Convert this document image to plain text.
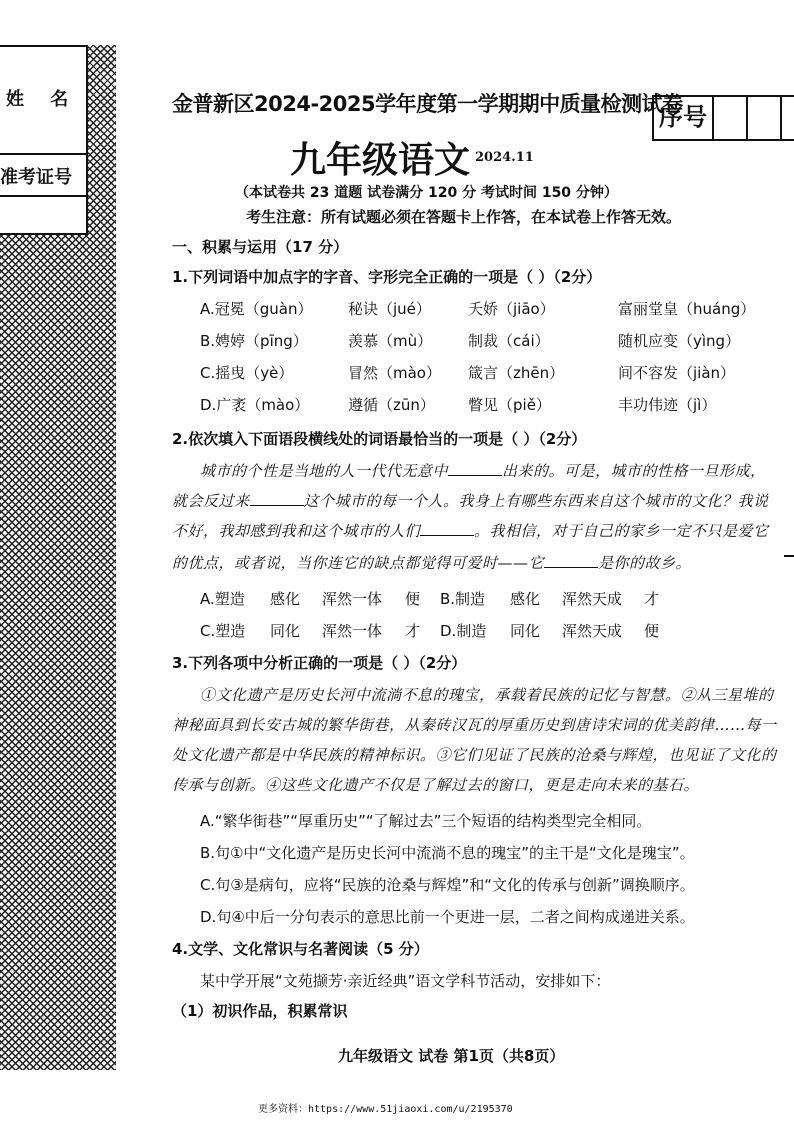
姓 名
准考证号
金普新区2024-2025学年度第一学期期中质量检测试卷
序号
九年级语文 2024.11
（本试卷共 23 道题 试卷满分 120 分 考试时间 150 分钟）
考生注意：所有试题必须在答题卡上作答，在本试卷上作答无效。
一、积累与运用（17 分）
1.下列词语中加点字的字音、字形完全正确的一项是（ ）（2分）
A.冠冕（guàn） 秘诀（jué） 夭娇（jiāo）	富丽堂皇（huáng）
B.娉婷（pīng）	羡慕（mù） 制裁（cái）	随机应变（yìng）
C.摇曳（yè）	冒然（mào） 箴言（zhēn）	间不容发（jiàn）
D.广袤（mào）	遵循（zūn） 瞥见（piě）	丰功伟迹（jì）
2.依次填入下面语段横线处的词语最恰当的一项是（ ）（2分）
城市的个性是当地的人一代代无意中	出来的。可是，城市的性格一旦形成，
就会反过来	这个城市的每一个人。我身上有哪些东西来自这个城市的文化？我说
不好，我却感到我和这个城市的人们	。我相信，对于自己的家乡一定不只是爱它
的优点，或者说，当你连它的缺点都觉得可爱时——它	是你的故乡。
A.塑造 感化 浑然一体 便 B.制造 感化 浑然天成 才
C.塑造 同化 浑然一体 才 D.制造 同化 浑然天成 便
3.下列各项中分析正确的一项是（ ）（2分）
①文化遗产是历史长河中流淌不息的瑰宝，承载着民族的记忆与智慧。②从三星堆的
神秘面具到长安古城的繁华街巷，从秦砖汉瓦的厚重历史到唐诗宋词的优美韵律……每一
处文化遗产都是中华民族的精神标识。③它们见证了民族的沧桑与辉煌，也见证了文化的
传承与创新。④这些文化遗产不仅是了解过去的窗口，更是走向未来的基石。
A.“繁华街巷”“厚重历史”“了解过去”三个短语的结构类型完全相同。
B.句①中“文化遗产是历史长河中流淌不息的瑰宝”的主干是“文化是瑰宝”。
C.句③是病句，应将“民族的沧桑与辉煌”和“文化的传承与创新”调换顺序。
D.句④中后一分句表示的意思比前一个更进一层，二者之间构成递进关系。
4.文学、文化常识与名著阅读（5 分）
某中学开展“文苑撷芳·亲近经典”语文学科节活动，安排如下：
（1）初识作品，积累常识
九年级语文 试卷 第1页（共8页）
更多资料：https://www.51jiaoxi.com/u/2195370
